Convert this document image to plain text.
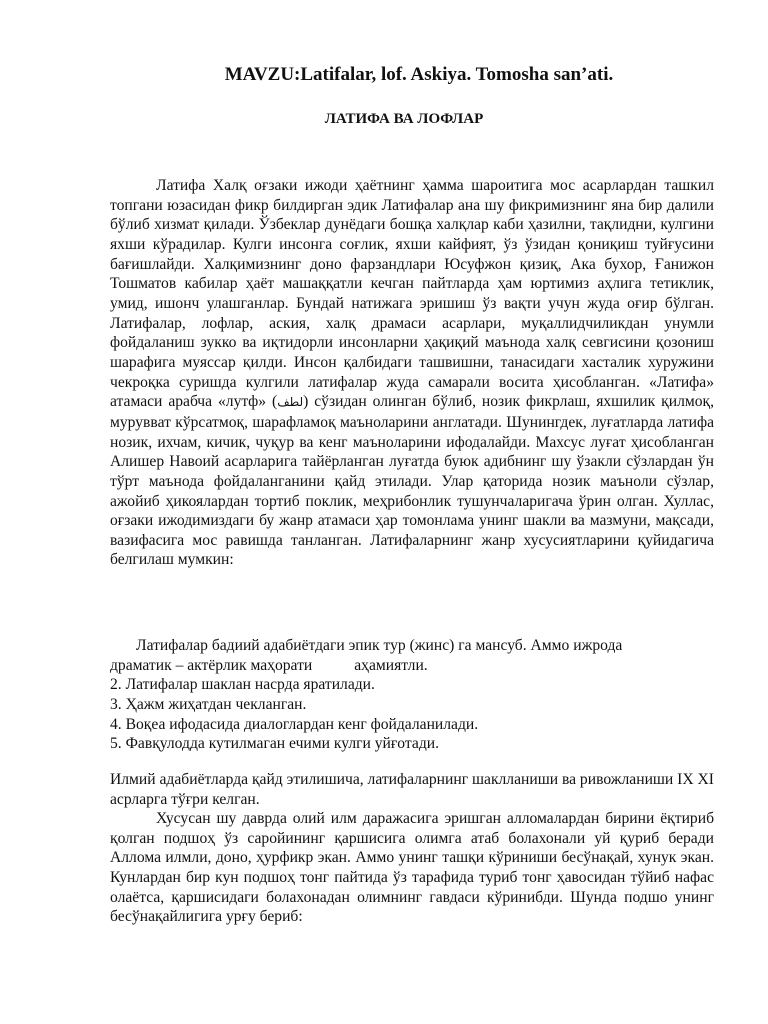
MAVZU:Latifalar, lof. Askiya. Tomosha san’ati.
ЛАТИФА ВА ЛОФЛАР

Латифа Халқ оғзаки ижоди ҳаётнинг ҳамма шароитига мос асарлардан ташкил топгани юзасидан фикр билдирган эдик Латифалар ана шу фикримизнинг яна бир далили бўлиб хизмат қилади. Ўзбеклар дунёдаги бошқа халқлар каби ҳазилни, тақлидни, кулгини яхши кўрадилар. Кулги инсонга соғлик, яхши кайфият, ўз ўзидан қониқиш туйғусини бағишлайди. Халқимизнинг доно фарзандлари Юсуфжон қизиқ, Ака бухор, Ғанижон Тошматов кабилар ҳаёт машаққатли кечган пайтларда ҳам юртимиз аҳлига тетиклик, умид, ишонч улашганлар. Бундай натижага эришиш ўз вақти учун жуда оғир бўлган. Латифалар, лофлар, аския, халқ драмаси асарлари, муқаллидчиликдан унумли фойдаланиш зукко ва иқтидорли инсонларни ҳақиқий маънода халқ севгисини қозониш шарафига муяссар қилди. Инсон қалбидаги ташвишни, танасидаги хасталик хуружини чекроқка суришда кулгили латифалар жуда самарали восита ҳисобланган. «Латифа» атамаси арабча «лутф» (لطف) сўзидан олинган бўлиб, нозик фикрлаш, яхшилик қилмоқ, мурувват кўрсатмоқ, шарафламоқ маъноларини англатади. Шунингдек, луғатларда латифа нозик, ихчам, кичик, чуқур ва кенг маъноларини ифодалайди. Махсус луғат ҳисобланган Алишер Навоий асарларига тайёрланган луғатда буюк адибнинг шу ўзакли сўзлардан ўн тўрт маънода фойдаланганини қайд этилади. Улар қаторида нозик маъноли сўзлар, ажойиб ҳикоялардан тортиб поклик, меҳрибонлик тушунчаларигача ўрин олган. Хуллас, оғзаки ижодимиздаги бу жанр атамаси ҳар томонлама унинг шакли ва мазмуни, мақсади, вазифасига мос равишда танланган. Латифаларнинг жанр хусусиятларини қуйидагича белгилаш мумкин:

Латифалар бадиий адабиётдаги эпик тур (жинс) га мансуб. Аммо ижрода
драматик – актёрлик маҳорати	аҳамиятли.
2. Латифалар шаклан насрда яратилади.
3. Ҳажм жиҳатдан чекланган.
4. Воқеа ифодасида диалоглардан кенг фойдаланилади.
5. Фавқулодда кутилмаган ечими кулги уйғотади.

Илмий адабиётларда қайд этилишича, латифаларнинг шаклланиши ва ривожланиши IX XI асрларга тўғри келган.

Хусусан шу даврда олий илм даражасига эришган алломалардан бирини ёқтириб қолган подшоҳ ўз саройининг қаршисига олимга атаб болахонали уй қуриб беради Аллома илмли, доно, ҳурфикр экан. Аммо унинг ташқи кўриниши бесўнақай, хунук экан. Кунлардан бир кун подшоҳ тонг пайтида ўз тарафида туриб тонг ҳавосидан тўйиб нафас олаётса, қаршисидаги болахонадан олимнинг гавдаси кўринибди. Шунда подшо унинг бесўнақайлигига урғу бериб:
